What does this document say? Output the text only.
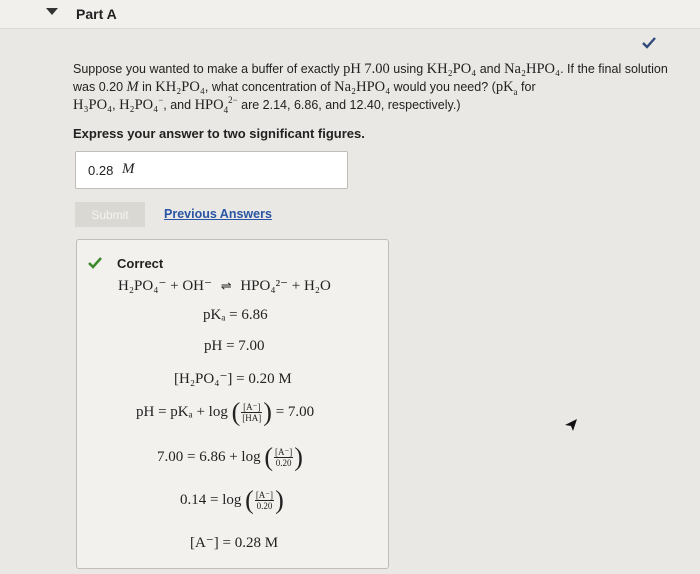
Part A
Suppose you wanted to make a buffer of exactly pH 7.00 using KH₂PO₄ and Na₂HPO₄. If the final solution was 0.20 M in KH₂PO₄, what concentration of Na₂HPO₄ would you need? ($pK_a$ for
H₃PO₄, H₂PO₄−, and $HPO_4^{2-}$ are 2.14, 6.86, and 12.40, respectively.)
Express your answer to two significant figures.
0.28 M
Submit	Previous Answers
Correct
H₂PO₄⁻ + OH⁻ ⇌ HPO₄²⁻ + H₂O
pKₐ = 6.86
pH = 7.00
[H₂PO₄⁻] = 0.20 M
pH = pKₐ + log ( $\frac{[A^-]}{[HA]}$ ) = 7.00
7.00 = 6.86 + log ( $\frac{[A^-]}{0.20}$ )
0.14 = log ( $\frac{[A^-]}{0.20}$ )
[A⁻] = 0.28 M
